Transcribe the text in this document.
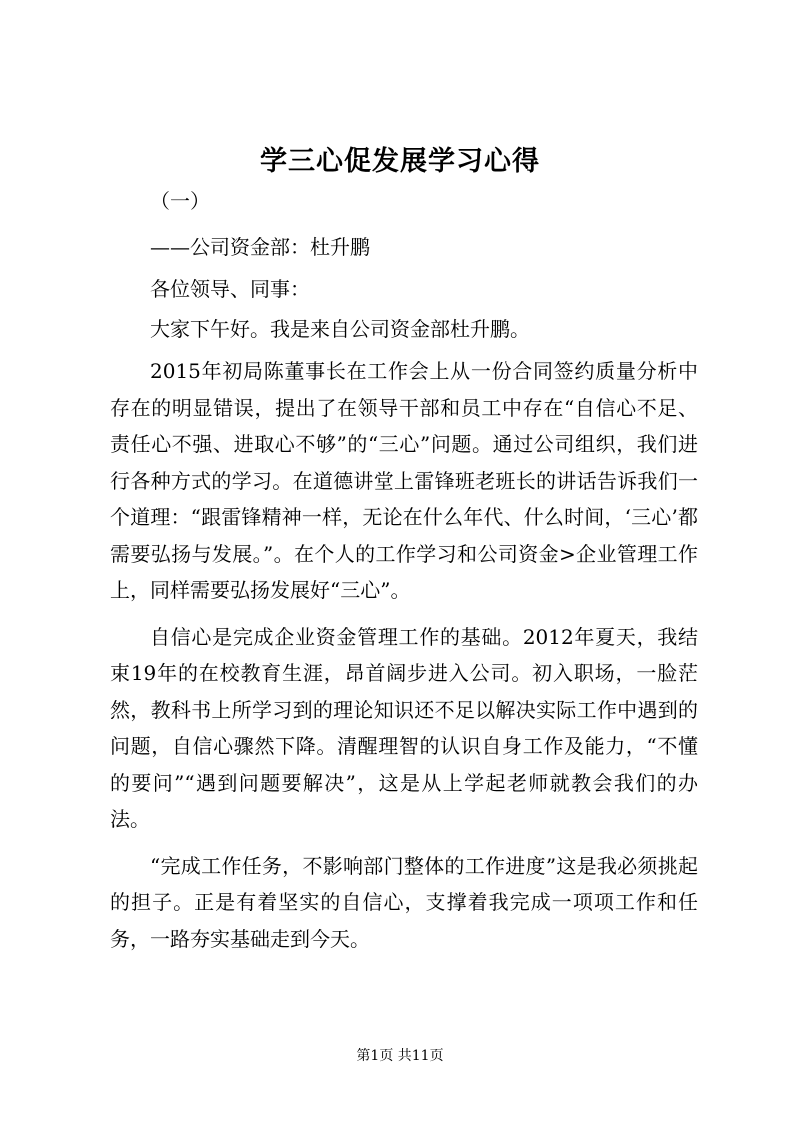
学三心促发展学习心得
（一）
——公司资金部：杜升鹏
各位领导、同事：
大家下午好。我是来自公司资金部杜升鹏。

2015年初局陈董事长在工作会上从一份合同签约质量分析中存在的明显错误，提出了在领导干部和员工中存在“自信心不足、责任心不强、进取心不够”的“三心”问题。通过公司组织，我们进行各种方式的学习。在道德讲堂上雷锋班老班长的讲话告诉我们一个道理：“跟雷锋精神一样，无论在什么年代、什么时间，‘三心’都需要弘扬与发展。”。在个人的工作学习和公司资金>企业管理工作上，同样需要弘扬发展好“三心”。

自信心是完成企业资金管理工作的基础。2012年夏天，我结束19年的在校教育生涯，昂首阔步进入公司。初入职场，一脸茫然，教科书上所学习到的理论知识还不足以解决实际工作中遇到的问题，自信心骤然下降。清醒理智的认识自身工作及能力，“不懂的要问”“遇到问题要解决”，这是从上学起老师就教会我们的办法。

“完成工作任务，不影响部门整体的工作进度”这是我必须挑起的担子。正是有着坚实的自信心，支撑着我完成一项项工作和任务，一路夯实基础走到今天。

第1页 共11页
